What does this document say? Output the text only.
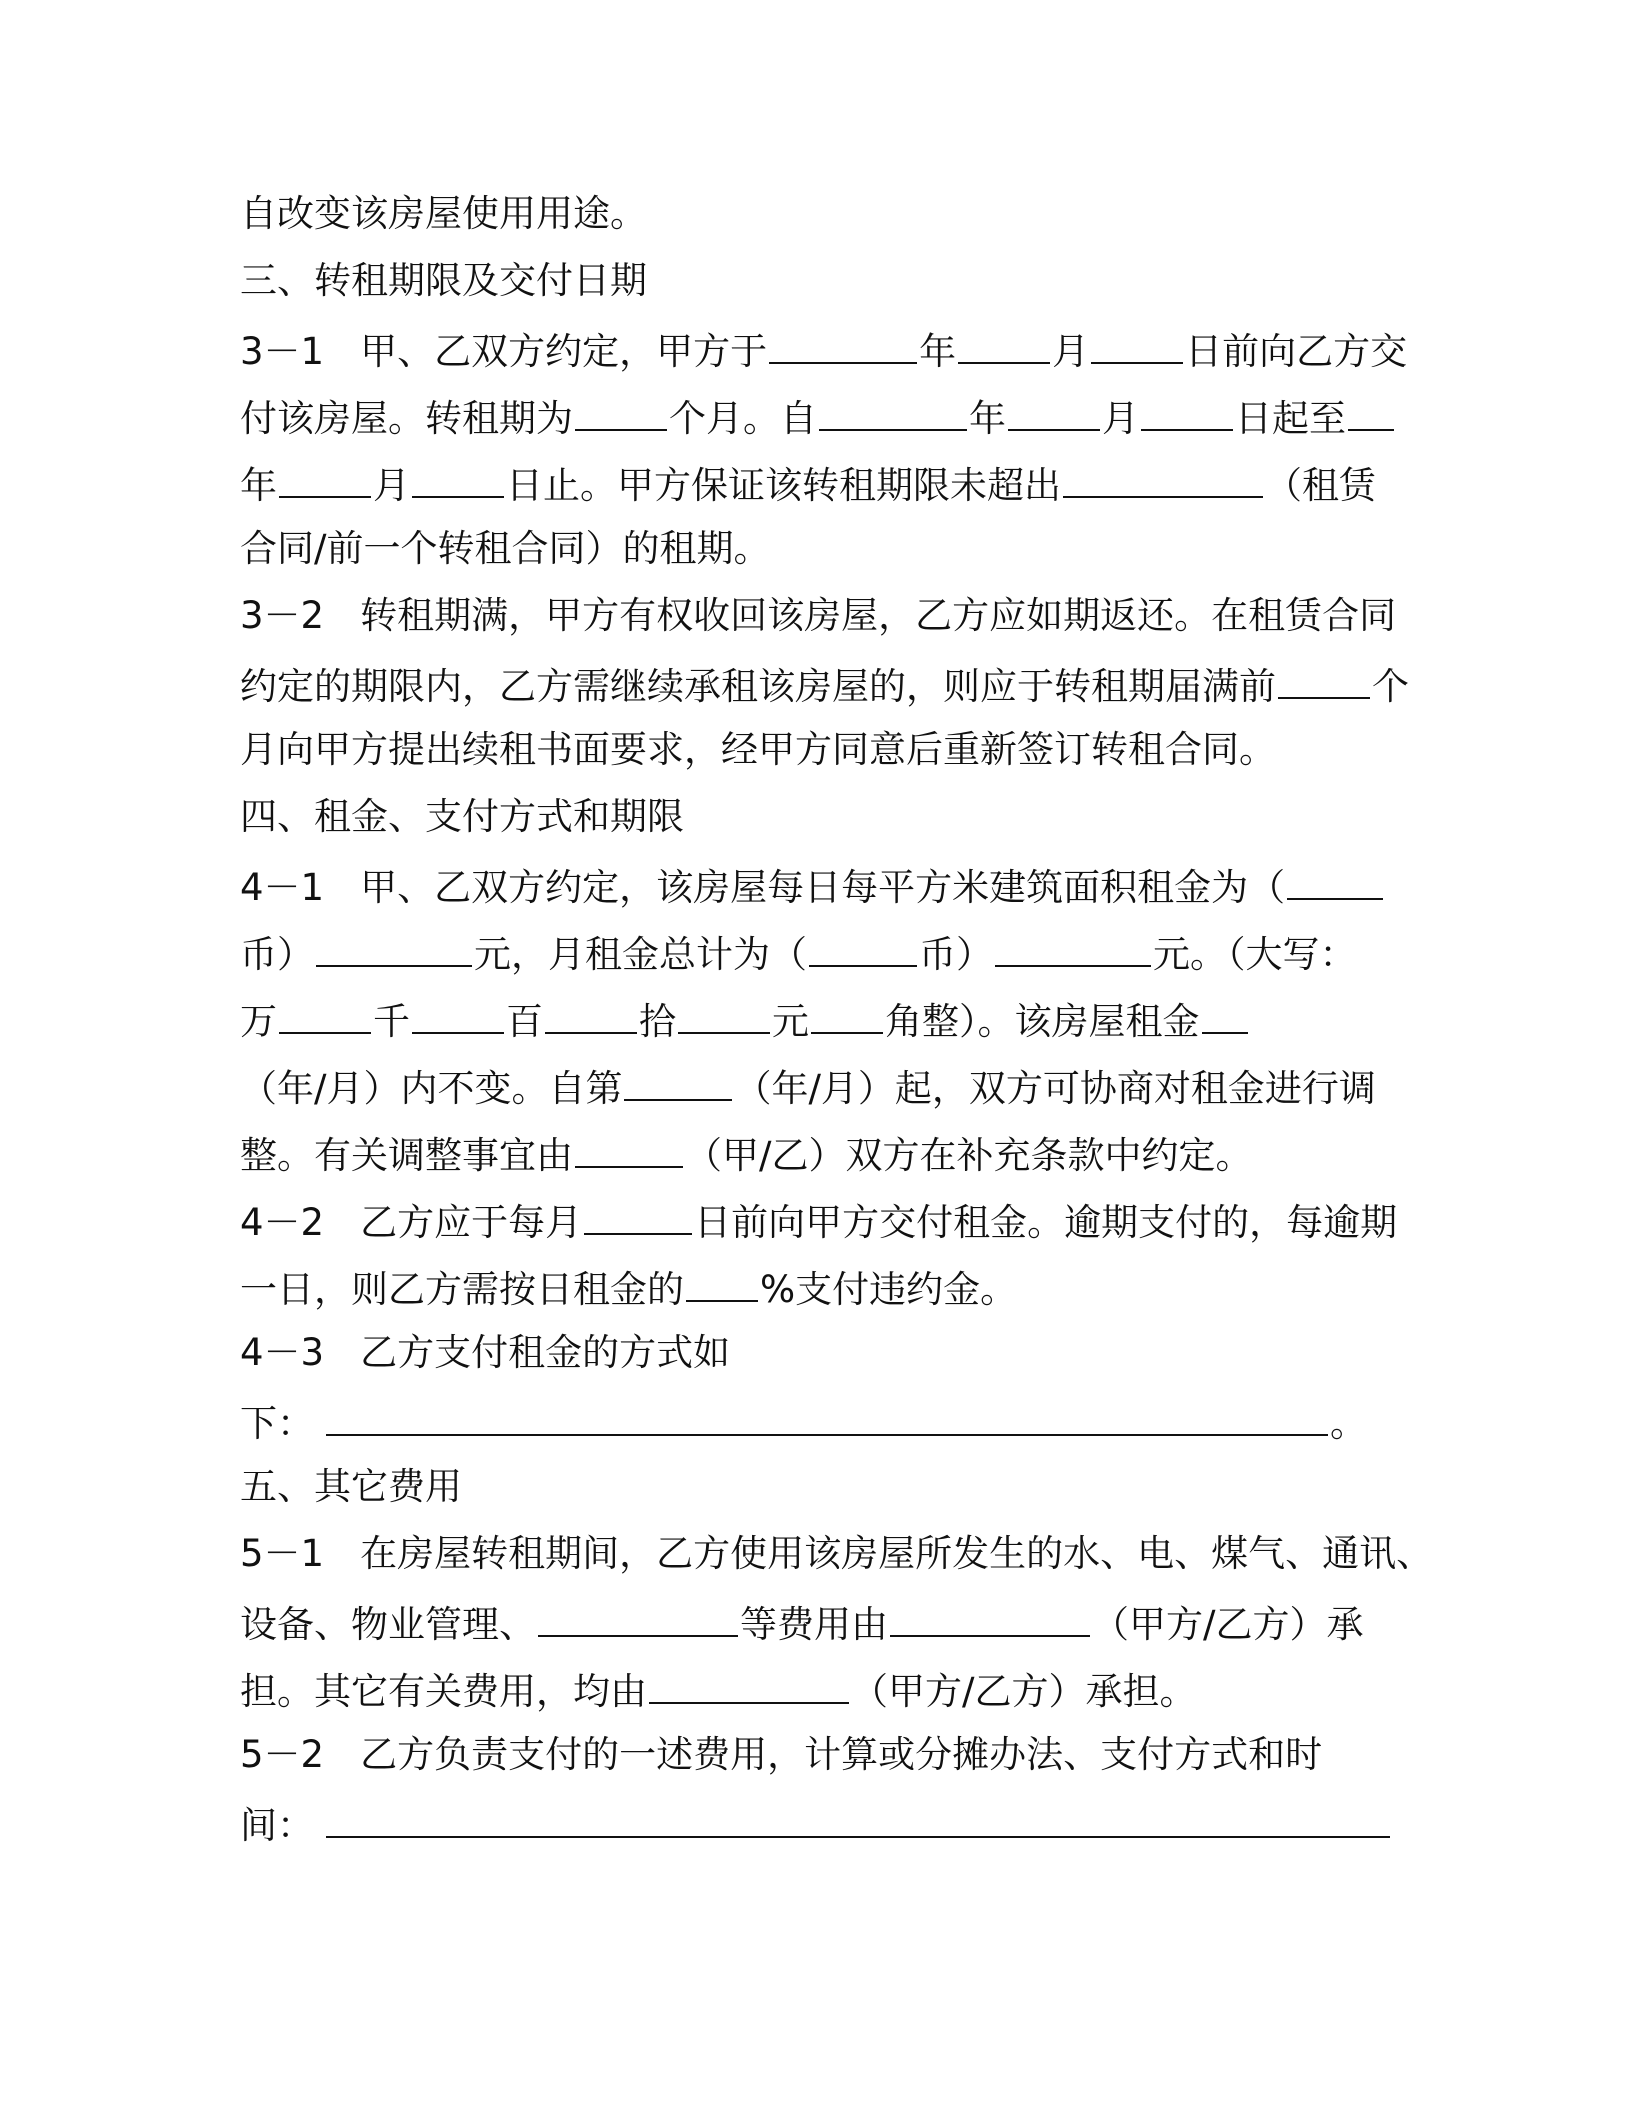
自改变该房屋使用用途。
三、转租期限及交付日期
3－1 甲、乙双方约定，甲方于	年	月	日前向乙方交
付该房屋。转租期为	个月。自	年	月	日起至
年	月	日止。甲方保证该转租期限未超出	（租赁
合同/前一个转租合同）的租期。
3－2 转租期满，甲方有权收回该房屋，乙方应如期返还。在租赁合同
约定的期限内，乙方需继续承租该房屋的，则应于转租期届满前	个
月向甲方提出续租书面要求，经甲方同意后重新签订转租合同。
四、租金、支付方式和期限
4－1 甲、乙双方约定，该房屋每日每平方米建筑面积租金为（
币）	元，月租金总计为（	币）	元。（大写：
万	千	百	拾	元 角整）。该房屋租金
（年/月）内不变。自第	（年/月）起，双方可协商对租金进行调
整。有关调整事宜由	（甲/乙）双方在补充条款中约定。
4－2 乙方应于每月	日前向甲方交付租金。逾期支付的，每逾期
一日，则乙方需按日租金的 %支付违约金。
4－3 乙方支付租金的方式如
下：	。
五、其它费用
5－1 在房屋转租期间，乙方使用该房屋所发生的水、电、煤气、通讯、
设备、物业管理、	等费用由	（甲方/乙方）承
担。其它有关费用，均由	（甲方/乙方）承担。
5－2 乙方负责支付的一述费用，计算或分摊办法、支付方式和时
间：
